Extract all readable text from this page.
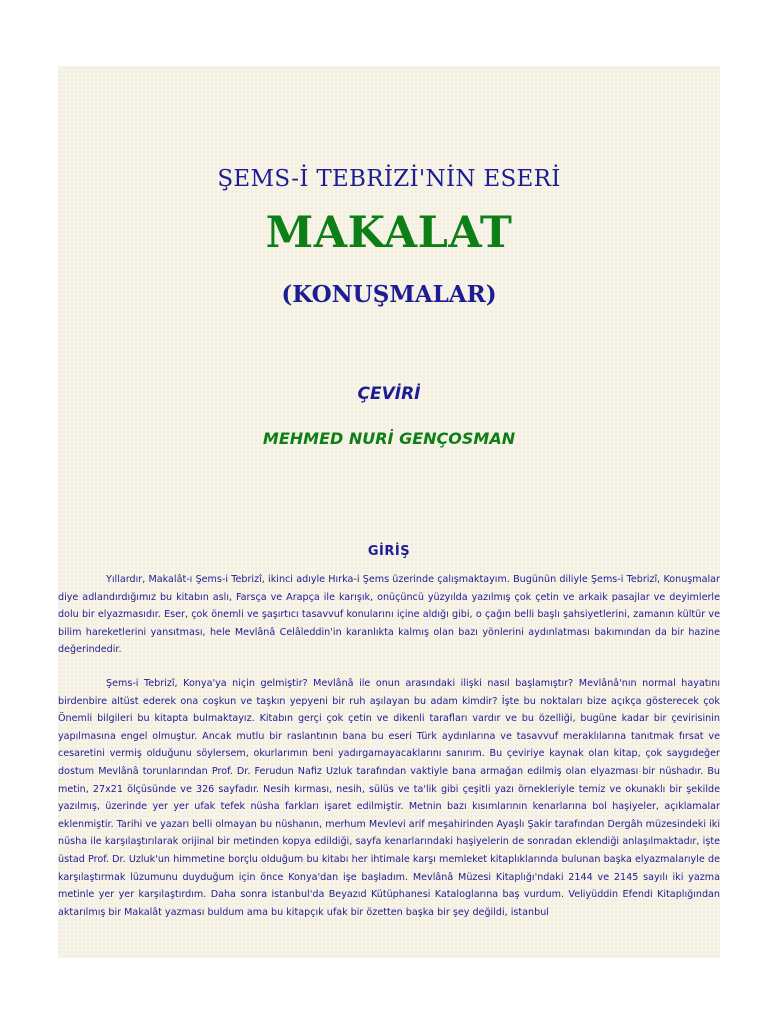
ŞEMS-İ TEBRİZİ'NİN ESERİ
MAKALAT
(KONUŞMALAR)
ÇEVİRİ
MEHMED NURİ GENÇOSMAN
GİRİŞ

Yıllardır, Makalât-ı Şems-i Tebrizî, ikinci adıyle Hırka-i Şems üzerinde çalışmaktayım. Bugünün diliyle Şems-i Tebrizî, Konuşmalar diye adlandırdığımız bu kitabın aslı, Farsça ve Arapça ile karışık, onüçüncü yüzyılda yazılmış çok çetin ve arkaik pasajlar ve deyimlerle dolu bir elyazmasıdır. Eser, çok önemli ve şaşırtıcı tasavvuf konularını içine aldığı gibi, o çağın belli başlı şahsiyetlerini, zamanın kültür ve bilim hareketlerini yansıtması, hele Mevlânâ Celâleddin'in karanlıkta kalmış olan bazı yönlerini aydınlatması bakımından da bir hazine değerindedir.

Şems-i Tebrizî, Konya'ya niçin gelmiştir? Mevlânâ ile onun arasındaki ilişki nasıl başlamıştır? Mevlânâ'nın normal hayatını birdenbire altüst ederek ona coşkun ve taşkın yepyeni bir ruh aşılayan bu adam kimdir? İşte bu noktaları bize açıkça gösterecek çok Önemli bilgileri bu kitapta bulmaktayız. Kitabın gerçi çok çetin ve dikenli tarafları vardır ve bu özelliği, bugüne kadar bir çevirisinin yapılmasına engel olmuştur. Ancak mutlu bir raslantının bana bu eseri Türk aydınlarına ve tasavvuf meraklılarına tanıtmak fırsat ve cesaretini vermiş olduğunu söylersem, okurlarımın beni yadırgamayacaklarını sanırım. Bu çeviriye kaynak olan kitap, çok saygıdeğer dostum Mevlânâ torunlarından Prof. Dr. Ferudun Nafiz Uzluk tarafından vaktiyle bana armağan edilmiş olan elyazması bir nüshadır. Bu metin, 27x21 ölçüsünde ve 326 sayfadır. Nesih kırması, nesih, sülüs ve ta'lik gibi çeşitli yazı örnekleriyle temiz ve okunaklı bir şekilde yazılmış, üzerinde yer yer ufak tefek nüsha farkları işaret edilmiştir. Metnin bazı kısımlarının kenarlarına bol haşiyeler, açıklamalar eklenmiştir. Tarihi ve yazarı belli olmayan bu nüshanın, merhum Mevlevi arif meşahirinden Ayaşlı Şakir tarafından Dergâh müzesindeki iki nüsha ile karşılaştırılarak orijinal bir metinden kopya edildiği, sayfa kenarlarındaki haşiyelerin de sonradan eklendiği anlaşılmaktadır, işte üstad Prof. Dr. Uzluk'un himmetine borçlu olduğum bu kitabı her ihtimale karşı memleket kitaplıklarında bulunan başka elyazmalarıyle de karşılaştırmak lüzumunu duyduğum için önce Konya'dan işe başladım. Mevlânâ Müzesi Kitaplığı'ndaki 2144 ve 2145 sayılı iki yazma metinle yer yer karşılaştırdım. Daha sonra istanbul'da Beyazıd Kütüphanesi Kataloglarına baş vurdum. Veliyüddin Efendi Kitaplığından aktarılmış bir Makalât yazması buldum ama bu kitapçık ufak bir özetten başka bir şey değildi, istanbul
